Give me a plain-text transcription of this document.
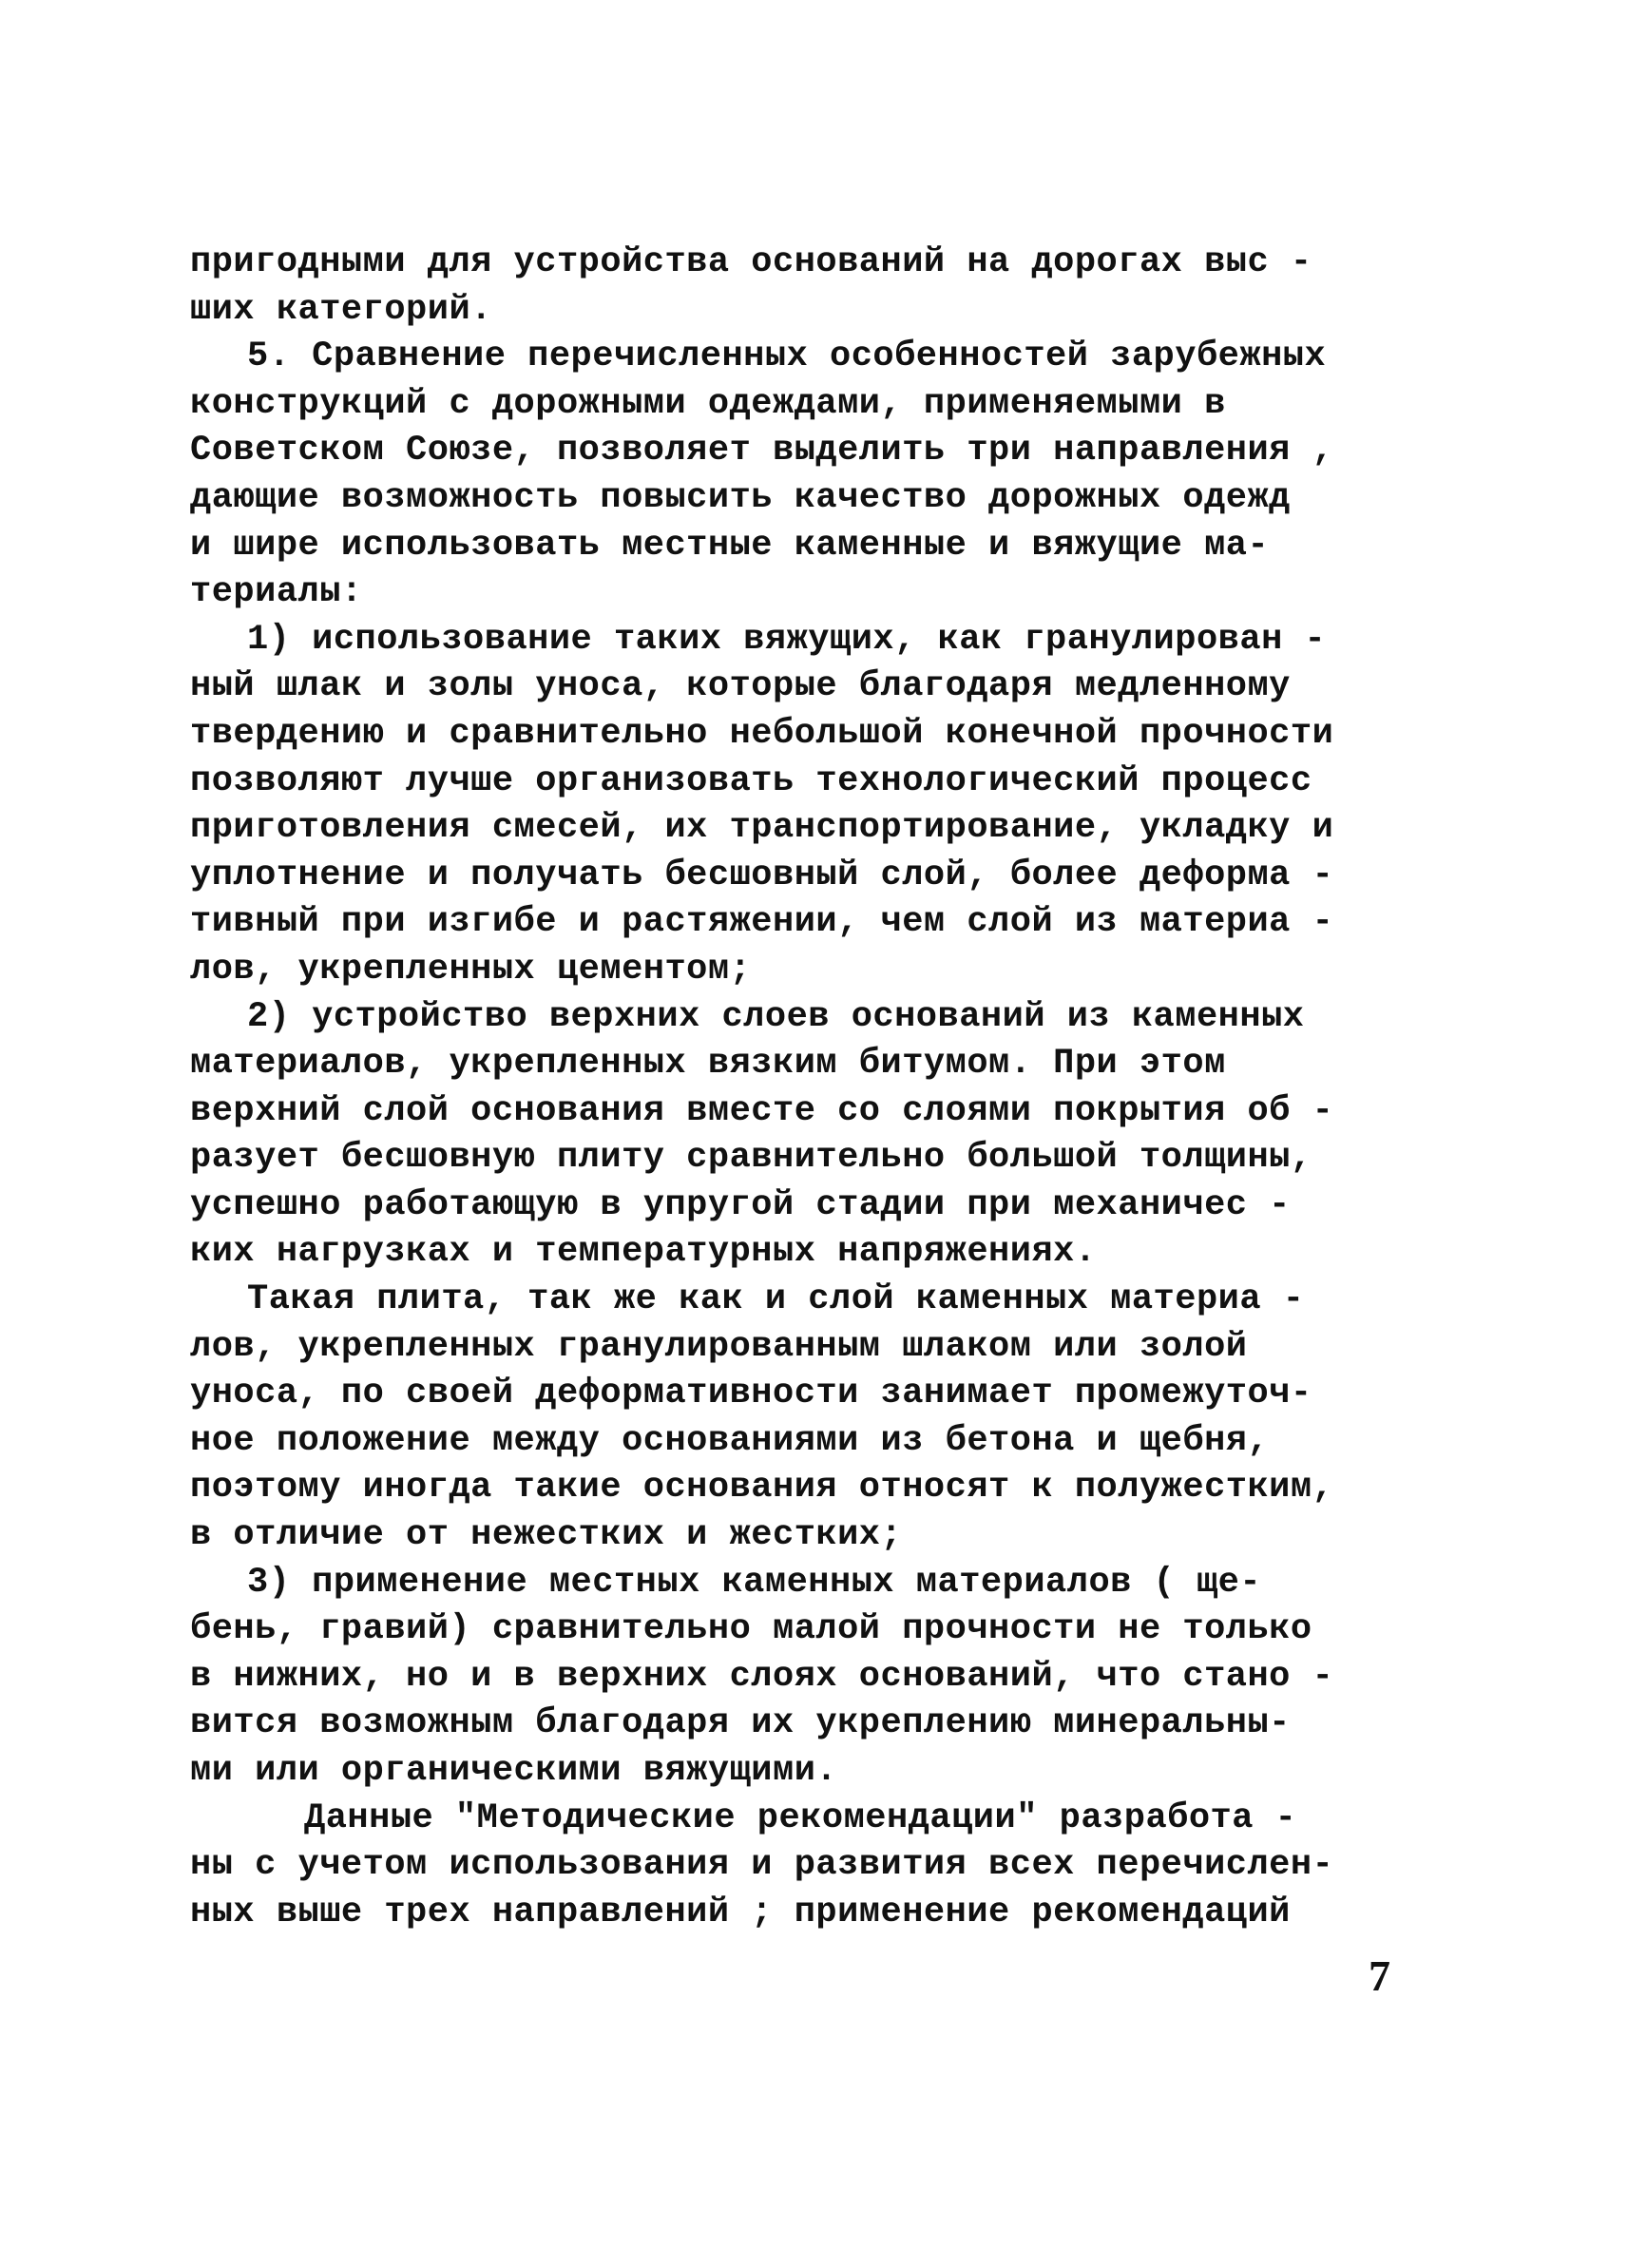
пригодными для устройства оснований на дорогах выс -
ших категорий.
5. Сравнение перечисленных особенностей зарубежных
конструкций с дорожными одеждами, применяемыми в
Советском Союзе, позволяет выделить три направления ,
дающие возможность повысить качество дорожных одежд
и шире использовать местные каменные и вяжущие ма-
териалы:
1) использование таких вяжущих, как гранулирован -
ный шлак и золы уноса, которые благодаря медленному
твердению и сравнительно небольшой конечной прочности
позволяют лучше организовать технологический процесс
приготовления смесей, их транспортирование, укладку и
уплотнение и получать бесшовный слой, более деформа -
тивный при изгибе и растяжении, чем слой из материа -
лов, укрепленных цементом;
2) устройство верхних слоев оснований из каменных
материалов, укрепленных вязким битумом. При этом
верхний слой основания вместе со слоями покрытия об -
разует бесшовную плиту сравнительно большой толщины,
успешно работающую в упругой стадии при механичес -
ких нагрузках и температурных напряжениях.
Такая плита, так же как и слой каменных материа -
лов, укрепленных гранулированным шлаком или золой
уноса, по своей деформативности занимает промежуточ-
ное положение между основаниями из бетона и щебня,
поэтому иногда такие основания относят к полужестким,
в отличие от нежестких и жестких;
3) применение местных каменных материалов ( ще-
бень, гравий) сравнительно малой прочности не только
в нижних, но и в верхних слоях оснований, что стано -
вится возможным благодаря их укреплению минеральны-
ми или органическими вяжущими.
Данные "Методические рекомендации" разработа -
ны с учетом использования и развития всех перечислен-
ных выше трех направлений ; применение рекомендаций
7
